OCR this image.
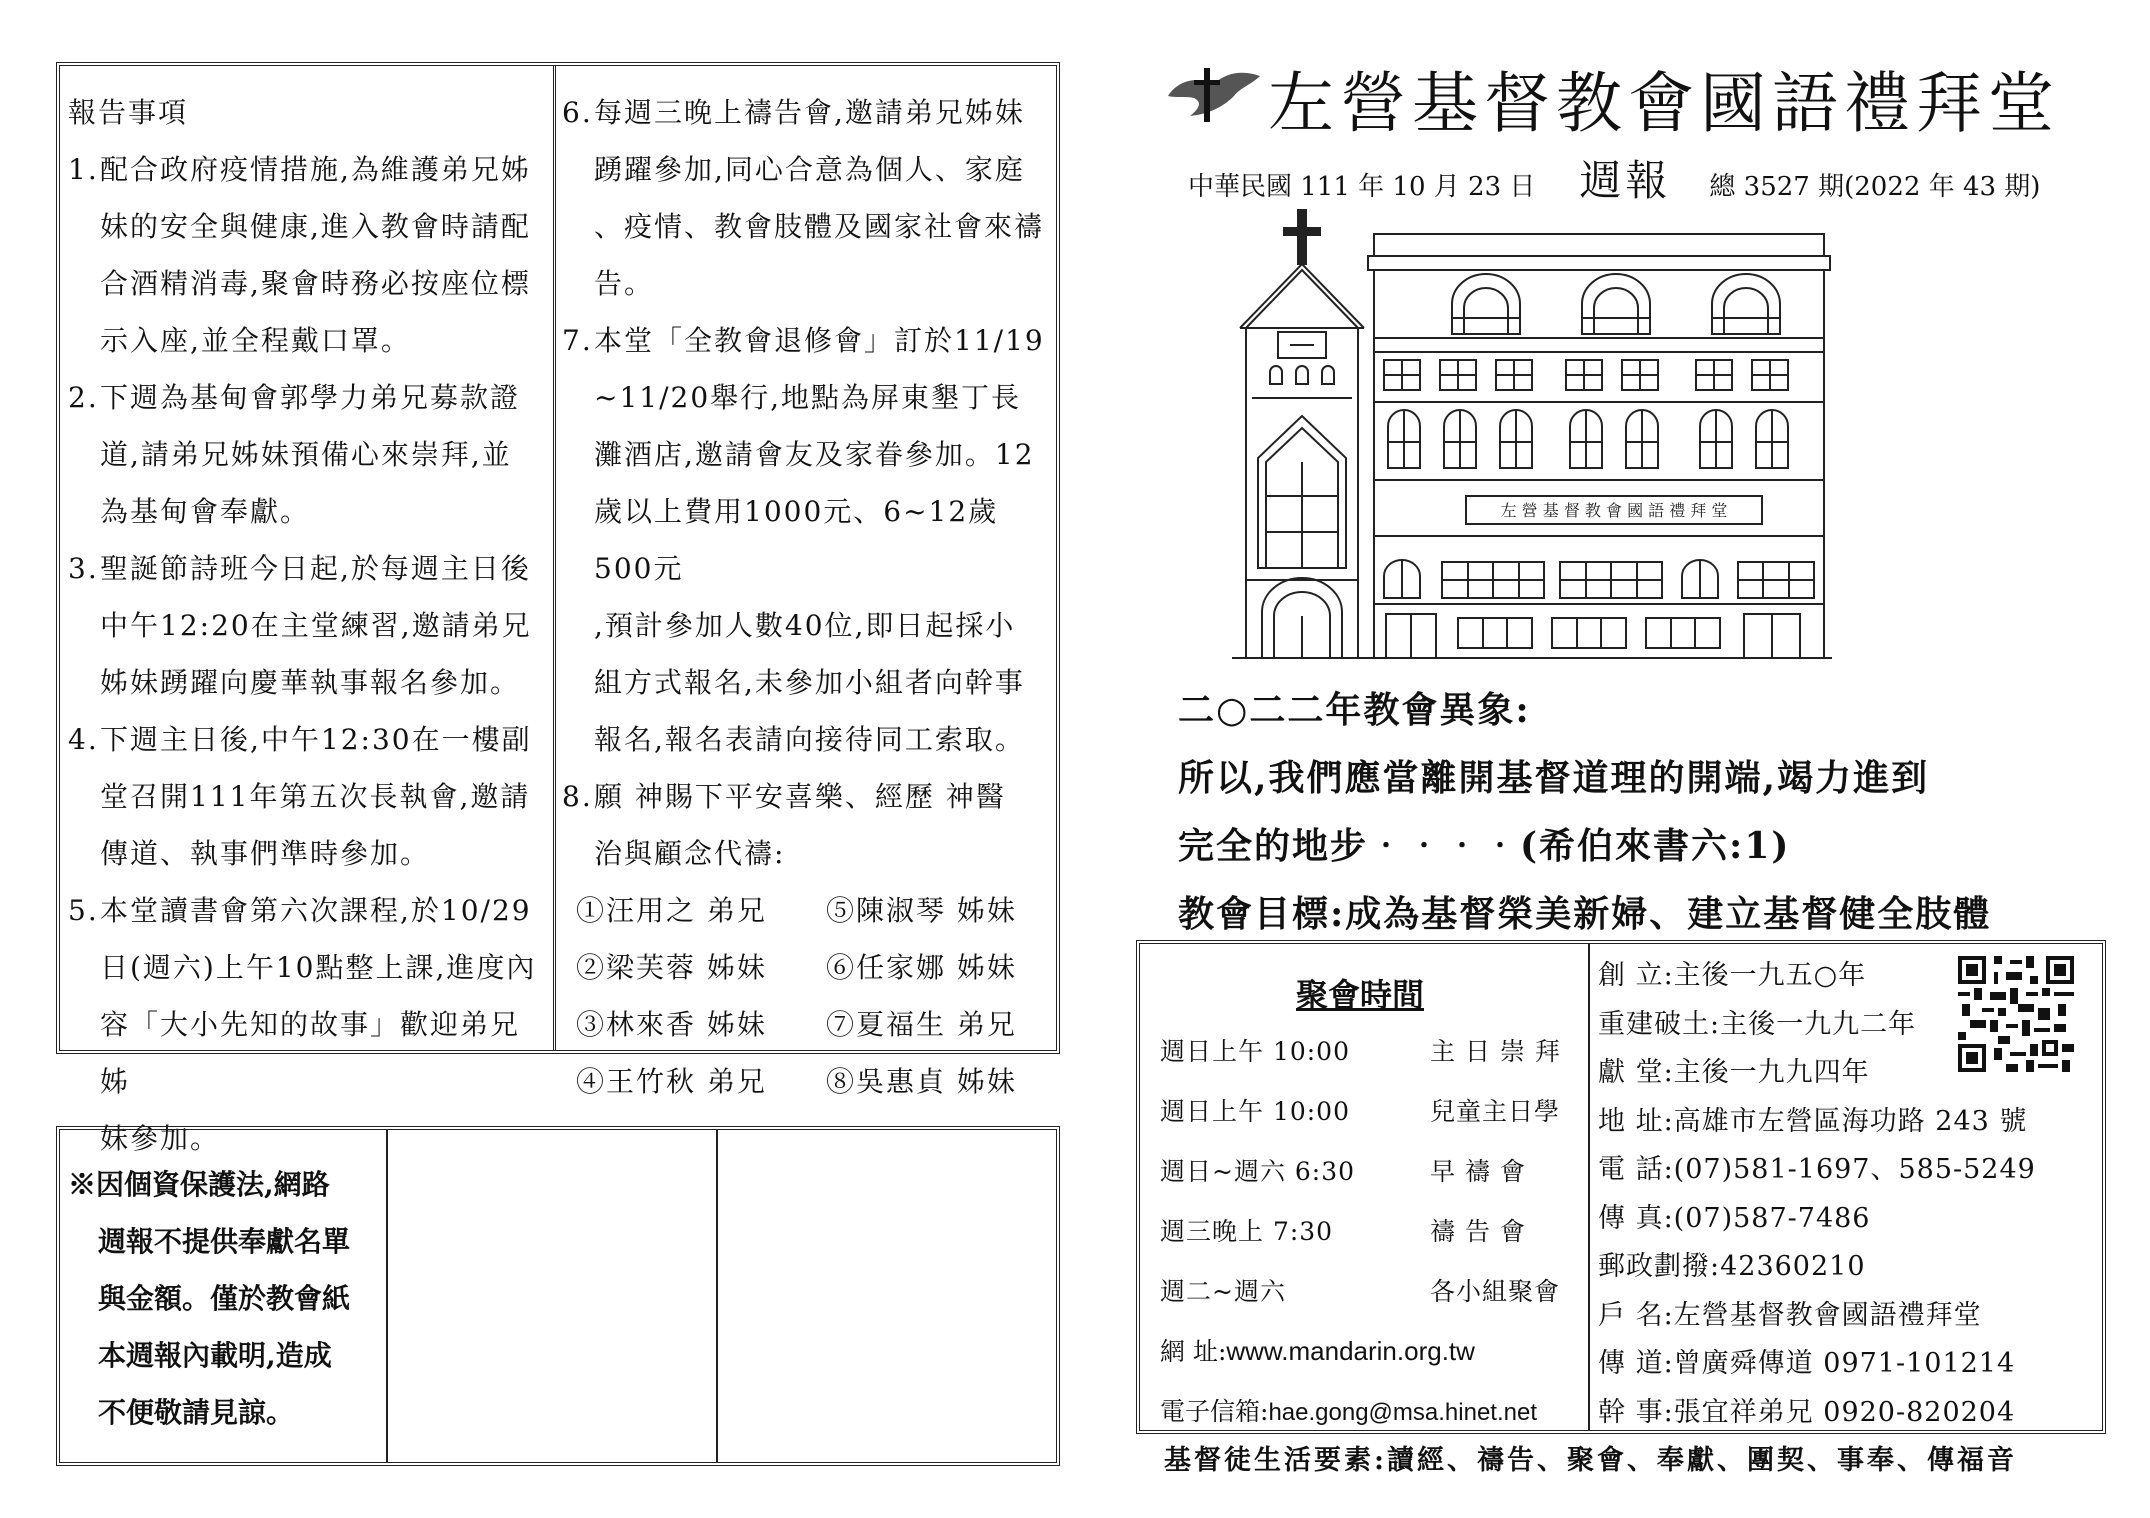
報告事項
1. 配合政府疫情措施,為維護弟兄姊
妹的安全與健康,進入教會時請配
合酒精消毒,聚會時務必按座位標
示入座,並全程戴口罩。
2. 下週為基甸會郭學力弟兄募款證
道,請弟兄姊妹預備心來崇拜,並
為基甸會奉獻。
3. 聖誕節詩班今日起,於每週主日後
中午12:20在主堂練習,邀請弟兄
姊妹踴躍向慶華執事報名參加。
4. 下週主日後,中午12:30在一樓副
堂召開111年第五次長執會,邀請
傳道、執事們準時參加。
5. 本堂讀書會第六次課程,於10/29
日(週六)上午10點整上課,進度內
容「大小先知的故事」歡迎弟兄姊
妹參加。
6. 每週三晚上禱告會,邀請弟兄姊妹
踴躍參加,同心合意為個人、家庭
、疫情、教會肢體及國家社會來禱
告。
7. 本堂「全教會退修會」訂於11/19
~11/20舉行,地點為屏東墾丁長
灘酒店,邀請會友及家眷參加。12
歲以上費用1000元、6~12歲500元
,預計參加人數40位,即日起採小
組方式報名,未參加小組者向幹事
報名,報名表請向接待同工索取。
8. 願 神賜下平安喜樂、經歷 神醫
治與顧念代禱:
①汪用之 弟兄	⑤陳淑琴 姊妹
②梁芙蓉 姊妹	⑥任家娜 姊妹
③林來香 姊妹	⑦夏福生 弟兄
④王竹秋 弟兄	⑧吳惠貞 姊妹
※因個資保護法,網路
週報不提供奉獻名單
與金額。僅於教會紙
本週報內載明,造成
不便敬請見諒。
左營基督教會國語禮拜堂
中華民國 111 年 10 月 23 日 週報 總 3527 期(2022 年 43 期)
左 營 基 督 教 會 國 語 禮 拜 堂
二○二二年教會異象:
所以,我們應當離開基督道理的開端,竭力進到
完全的地步‧‧‧‧(希伯來書六:1)
教會目標:成為基督榮美新婦、建立基督健全肢體
聚會時間
週日上午 10:00	主 日 崇 拜
週日上午 10:00	兒童主日學
週日~週六 6:30	早 禱 會
週三晚上 7:30	禱 告 會
週二~週六	各小組聚會
網 址:www.mandarin.org.tw
電子信箱:hae.gong@msa.hinet.net
創 立:主後一九五○年
重建破土:主後一九九二年
獻 堂:主後一九九四年
地 址:高雄市左營區海功路 243 號
電 話:(07)581-1697、585-5249
傳 真:(07)587-7486
郵政劃撥:42360210
戶 名:左營基督教會國語禮拜堂
傳 道:曾廣舜傳道 0971-101214
幹 事:張宜祥弟兄 0920-820204
基督徒生活要素:讀經、禱告、聚會、奉獻、團契、事奉、傳福音
